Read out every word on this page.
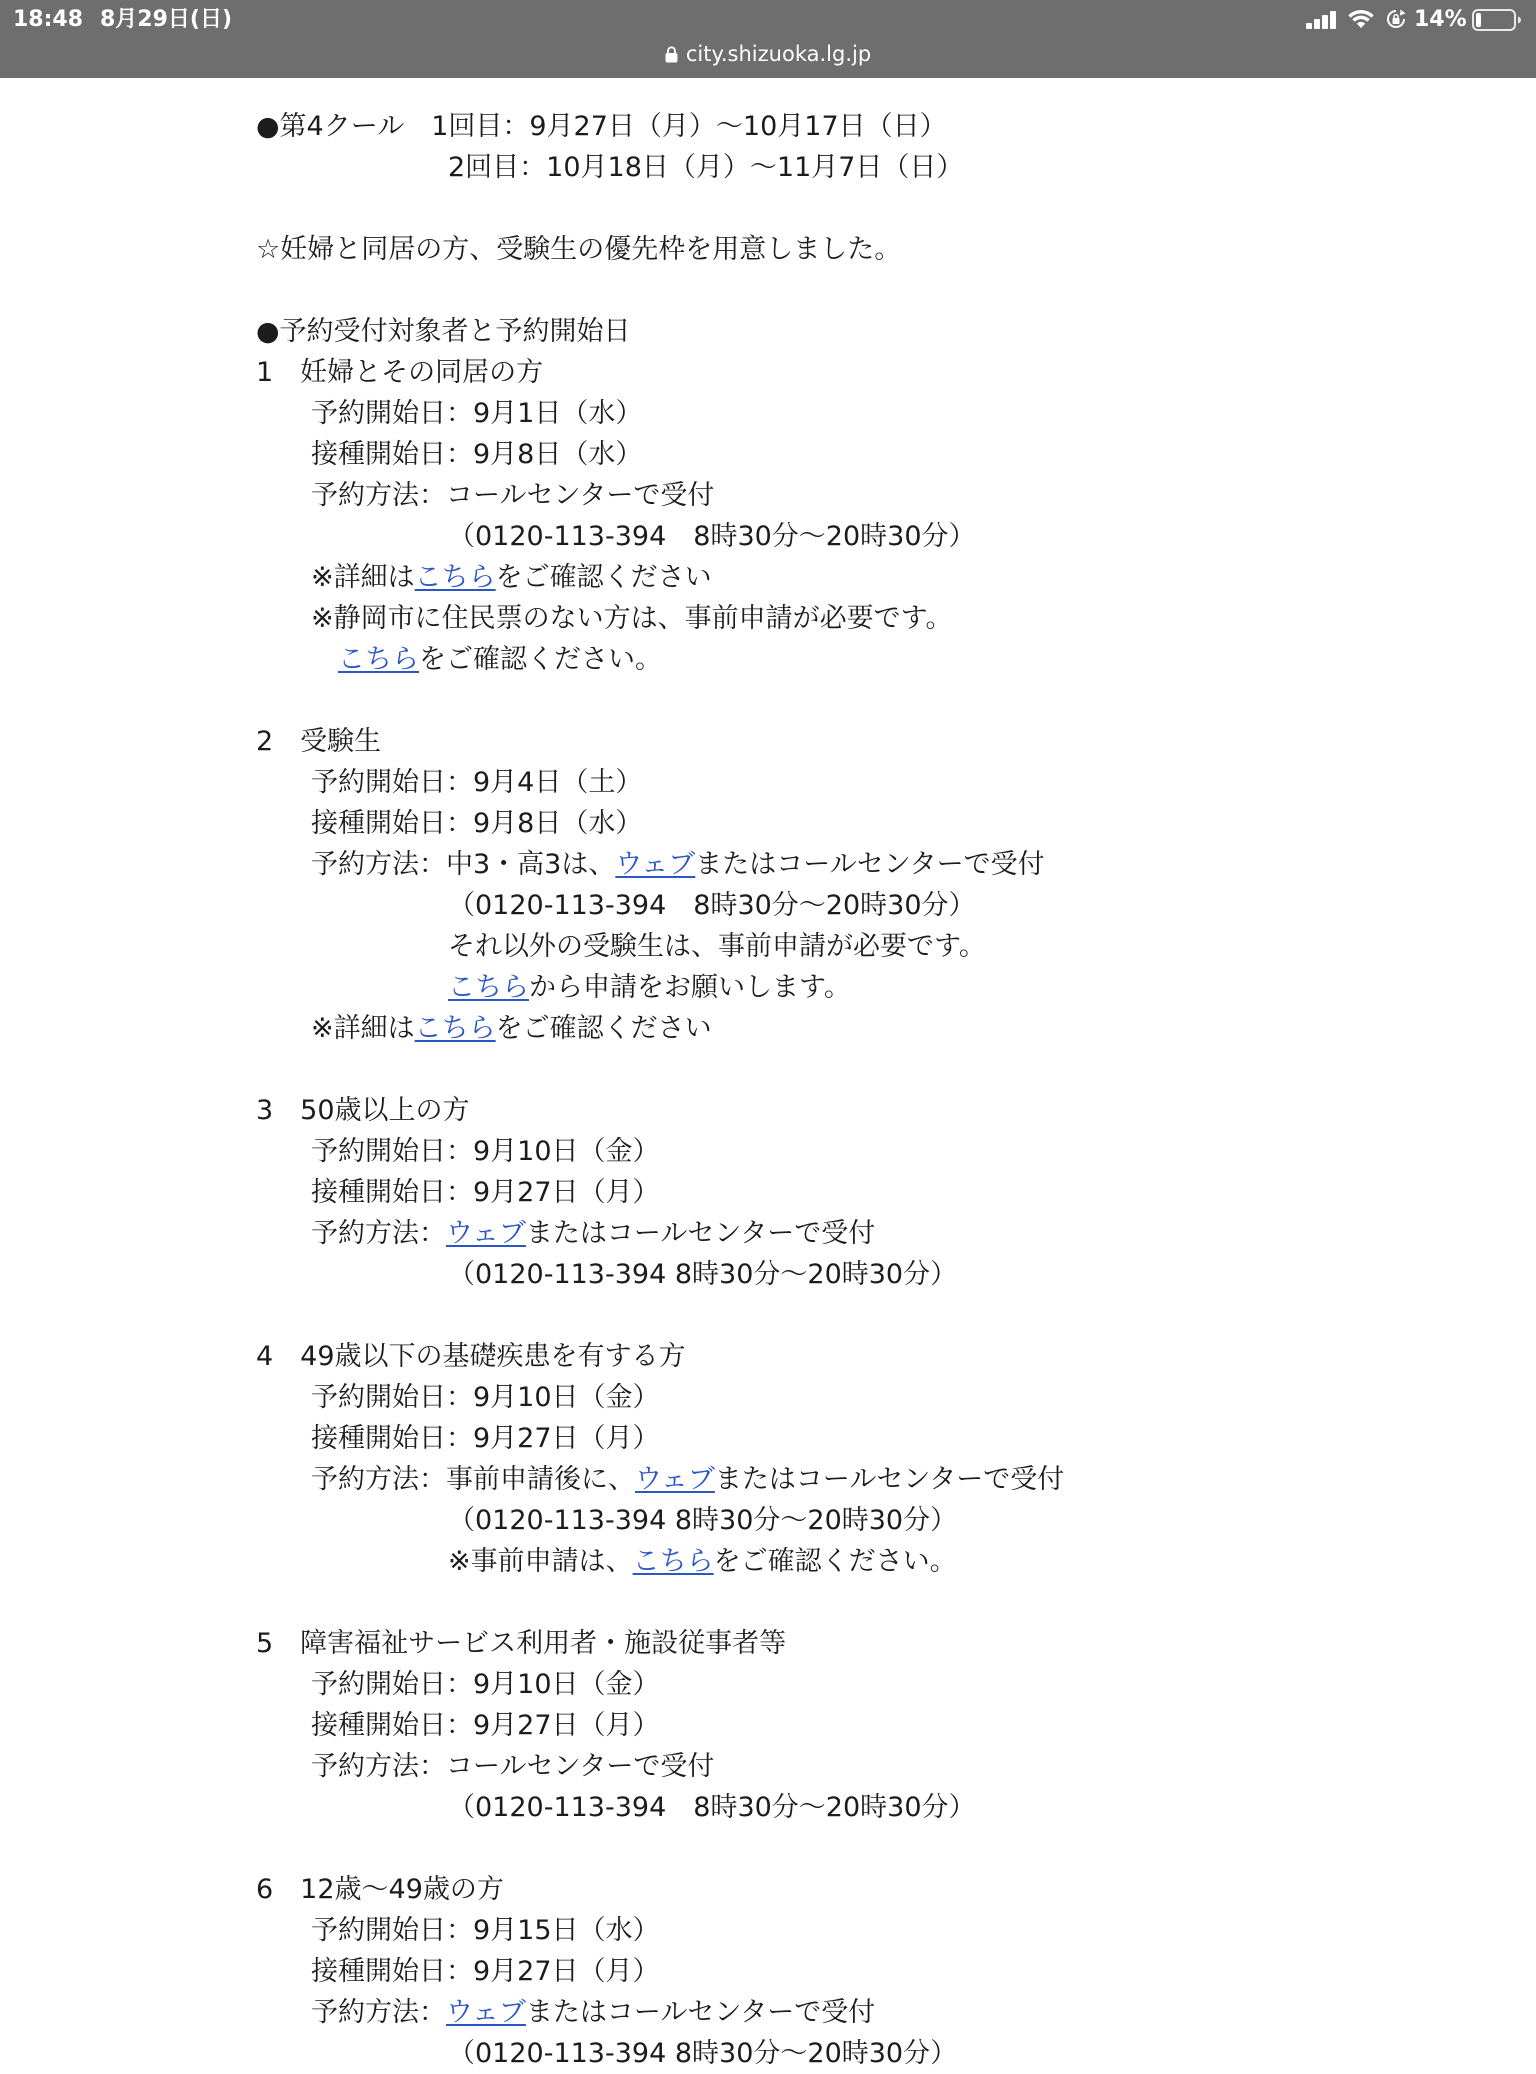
18:48 8月29日(日)	14%
city.shizuoka.lg.jp
●第4クール　1回目：9月27日（月）～10月17日（日）
2回目：10月18日（月）～11月7日（日）
☆妊婦と同居の方、受験生の優先枠を用意しました。
●予約受付対象者と予約開始日
1　妊婦とその同居の方
予約開始日：9月1日（水）
接種開始日：9月8日（水）
予約方法：コールセンターで受付
（0120-113-394　8時30分～20時30分）
※詳細はこちらをご確認ください
※静岡市に住民票のない方は、事前申請が必要です。
こちらをご確認ください。
2　受験生
予約開始日：9月4日（土）
接種開始日：9月8日（水）
予約方法：中3・高3は、ウェブまたはコールセンターで受付
（0120-113-394　8時30分～20時30分）
それ以外の受験生は、事前申請が必要です。
こちらから申請をお願いします。
※詳細はこちらをご確認ください
3　50歳以上の方
予約開始日：9月10日（金）
接種開始日：9月27日（月）
予約方法：ウェブまたはコールセンターで受付
（0120-113-394 8時30分～20時30分）
4　49歳以下の基礎疾患を有する方
予約開始日：9月10日（金）
接種開始日：9月27日（月）
予約方法：事前申請後に、ウェブまたはコールセンターで受付
（0120-113-394 8時30分～20時30分）
※事前申請は、こちらをご確認ください。
5　障害福祉サービス利用者・施設従事者等
予約開始日：9月10日（金）
接種開始日：9月27日（月）
予約方法：コールセンターで受付
（0120-113-394　8時30分～20時30分）
6　12歳～49歳の方
予約開始日：9月15日（水）
接種開始日：9月27日（月）
予約方法：ウェブまたはコールセンターで受付
（0120-113-394 8時30分～20時30分）
